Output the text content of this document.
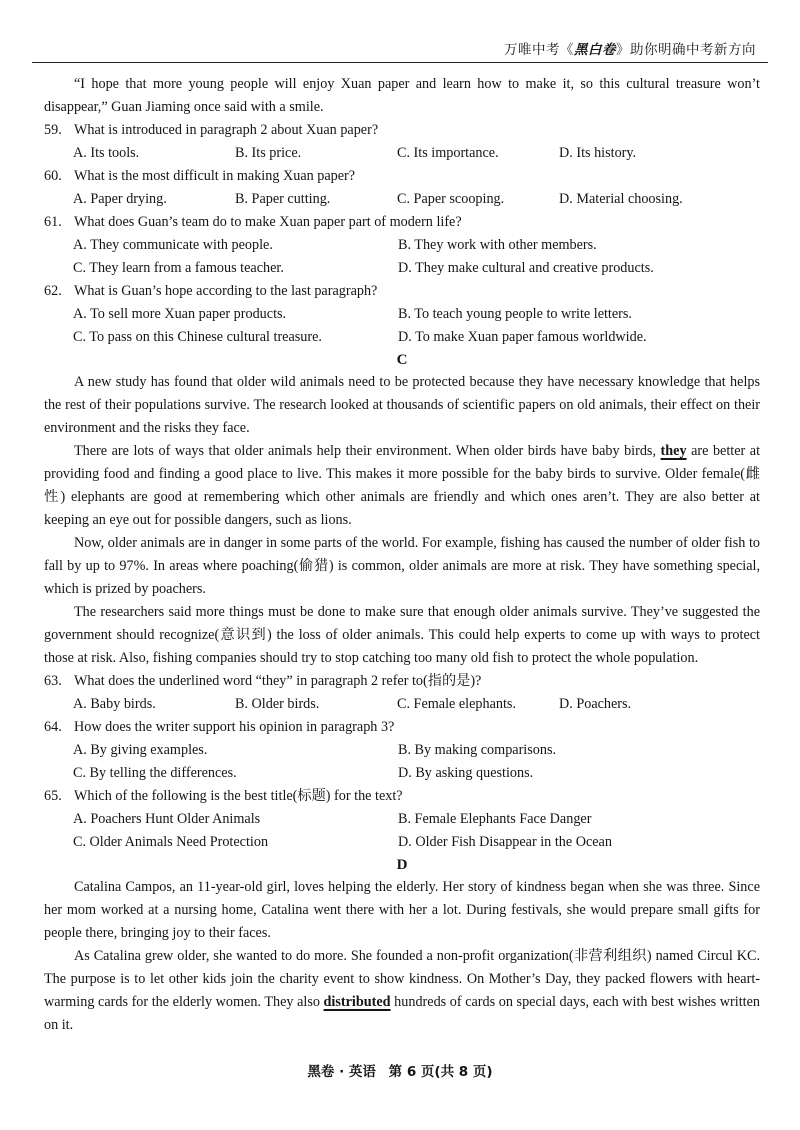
万唯中考《黑白卷》助你明确中考新方向

“I hope that more young people will enjoy Xuan paper and learn how to make it, so this cultural treasure won’t disappear,” Guan Jiaming once said with a smile.

59. What is introduced in paragraph 2 about Xuan paper?

A. Its tools.	B. Its price.	C. Its importance.	D. Its history.

60. What is the most difficult in making Xuan paper?

A. Paper drying.	B. Paper cutting.	C. Paper scooping.	D. Material choosing.

61. What does Guan’s team do to make Xuan paper part of modern life?

A. They communicate with people.	B. They work with other members.
C. They learn from a famous teacher.	D. They make cultural and creative products.

62. What is Guan’s hope according to the last paragraph?

A. To sell more Xuan paper products.	B. To teach young people to write letters.
C. To pass on this Chinese cultural treasure.	D. To make Xuan paper famous worldwide.

C

A new study has found that older wild animals need to be protected because they have necessary knowledge that helps the rest of their populations survive. The research looked at thousands of scientific papers on old animals, their effect on their environment and the risks they face.

There are lots of ways that older animals help their environment. When older birds have baby birds, they are better at providing food and finding a good place to live. This makes it more possible for the baby birds to survive. Older female(雌性) elephants are good at remembering which other animals are friendly and which ones aren’t. They are also better at keeping an eye out for possible dangers, such as lions.

Now, older animals are in danger in some parts of the world. For example, fishing has caused the number of older fish to fall by up to 97%. In areas where poaching(偷猎) is common, older animals are more at risk. They have something special, which is prized by poachers.

The researchers said more things must be done to make sure that enough older animals survive. They’ve suggested the government should recognize(意识到) the loss of older animals. This could help experts to come up with ways to protect those at risk. Also, fishing companies should try to stop catching too many old fish to protect the whole population.

63. What does the underlined word “they” in paragraph 2 refer to(指的是)?

A. Baby birds.	B. Older birds.	C. Female elephants.	D. Poachers.

64. How does the writer support his opinion in paragraph 3?

A. By giving examples.	B. By making comparisons.
C. By telling the differences.	D. By asking questions.

65. Which of the following is the best title(标题) for the text?

A. Poachers Hunt Older Animals	B. Female Elephants Face Danger
C. Older Animals Need Protection	D. Older Fish Disappear in the Ocean

D

Catalina Campos, an 11-year-old girl, loves helping the elderly. Her story of kindness began when she was three. Since her mom worked at a nursing home, Catalina went there with her a lot. During festivals, she would prepare small gifts for people there, bringing joy to their faces.

As Catalina grew older, she wanted to do more. She founded a non-profit organization(非营利组织) named Circul KC. The purpose is to let other kids join the charity event to show kindness. On Mother’s Day, they packed flowers with heart-warming cards for the elderly women. They also distributed hundreds of cards on special days, each with best wishes written on it.

黑卷 · 英语 第 6 页(共 8 页)
